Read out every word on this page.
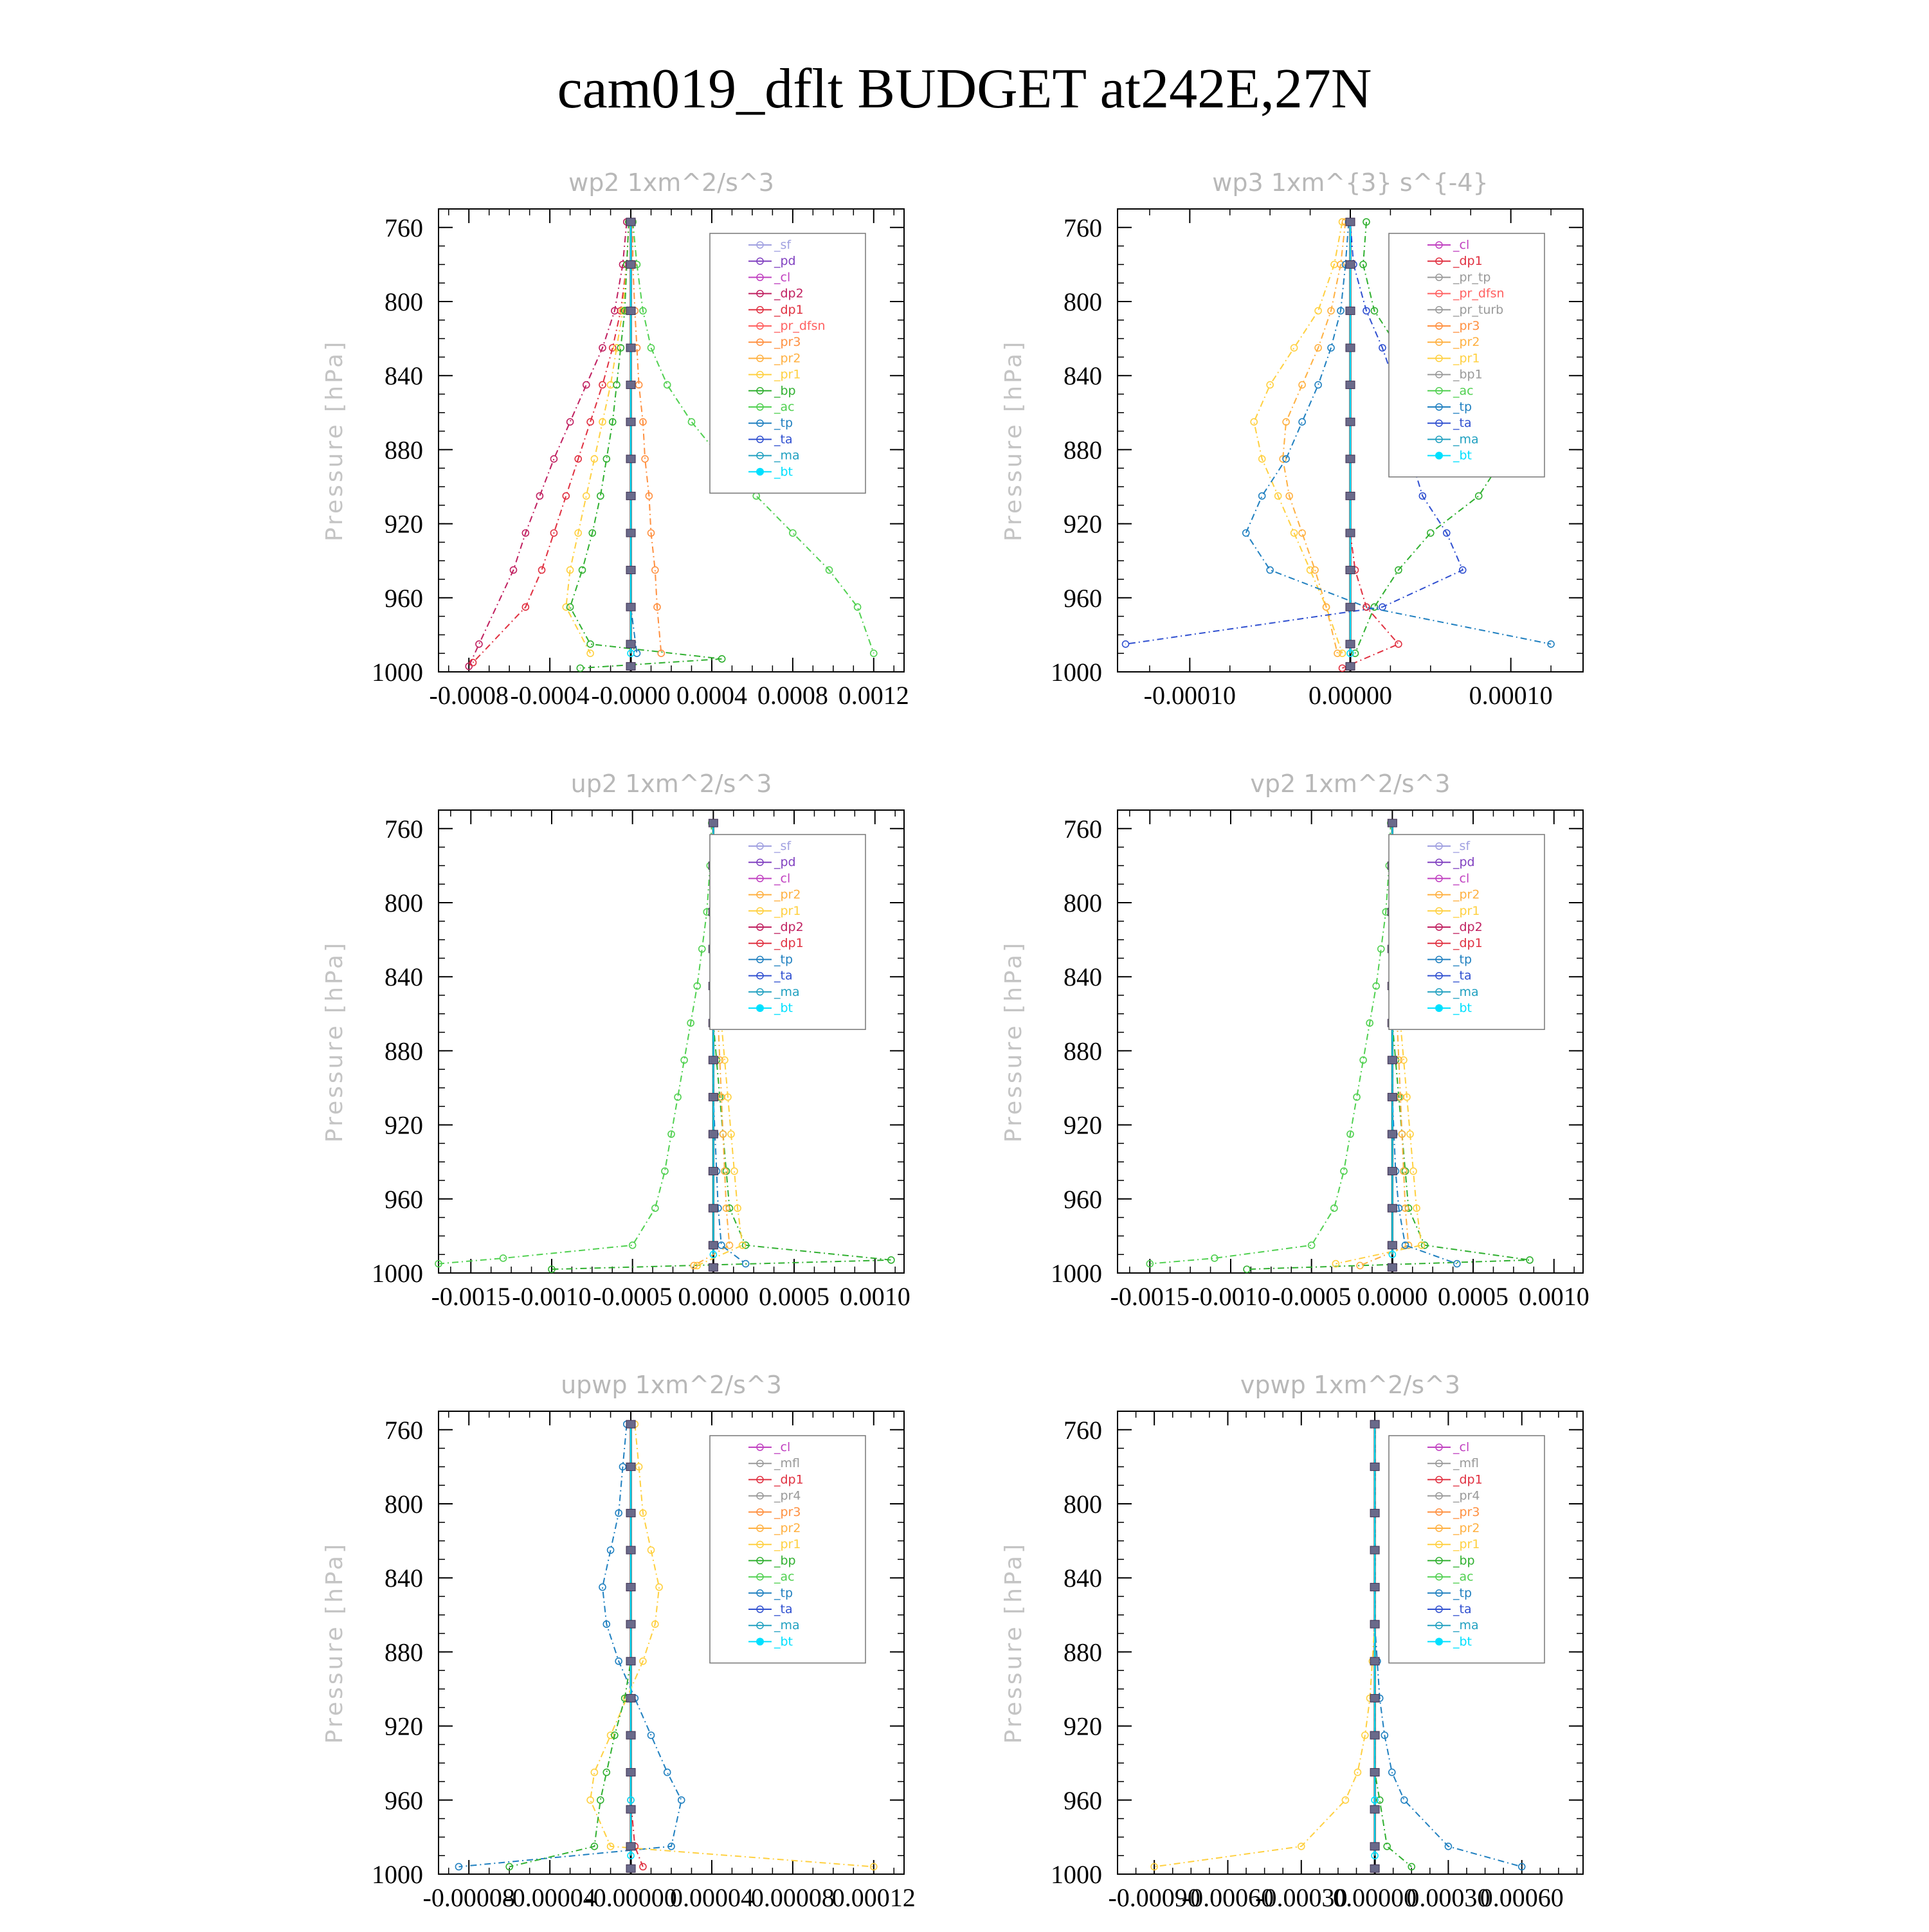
cam019_dflt BUDGET at242E,27N
wp2 1xm^2/s^3
Pressure [hPa]
760
800
840
880
920
960
1000
-0.0008 -0.0004 -0.0000 0.0004 0.0008 0.0012
_sf
_pd
_cl
_dp2
_dp1
_pr_dfsn
_pr3
_pr2
_pr1
_bp
_ac
_tp
_ta
_ma
_bt
wp3 1xm^{3} s^{-4}
Pressure [hPa]
760
800
840
880
920
960
1000
-0.00010	0.00000	0.00010
_cl
_dp1
_pr_tp
_pr_dfsn
_pr_turb
_pr3
_pr2
_pr1
_bp1
_ac
_tp
_ta
_ma
_bt
up2 1xm^2/s^3
Pressure [hPa]
760
800
840
880
920
960
1000
-0.0015 -0.0010 -0.0005 0.0000 0.0005 0.0010
_sf
_pd
_cl
_pr2
_pr1
_dp2
_dp1
_tp
_ta
_ma
_bt
vp2 1xm^2/s^3
Pressure [hPa]
760
800
840
880
920
960
1000
-0.0015 -0.0010 -0.0005 0.0000 0.0005 0.0010
_sf
_pd
_cl
_pr2
_pr1
_dp2
_dp1
_tp
_ta
_ma
_bt
upwp 1xm^2/s^3
Pressure [hPa]
760
800
840
880
920
960
1000
-0.00008
-0.00004
-0.00000
0.00004
0.00008
0.00012
_cl
_mfl
_dp1
_pr4
_pr3
_pr2
_pr1
_bp
_ac
_tp
_ta
_ma
_bt
vpwp 1xm^2/s^3
Pressure [hPa]
760
800
840
880
920
960
1000
-0.00090
-0.00060
-0.00030
0.00000
0.00030
0.00060
_cl
_mfl
_dp1
_pr4
_pr3
_pr2
_pr1
_bp
_ac
_tp
_ta
_ma
_bt
